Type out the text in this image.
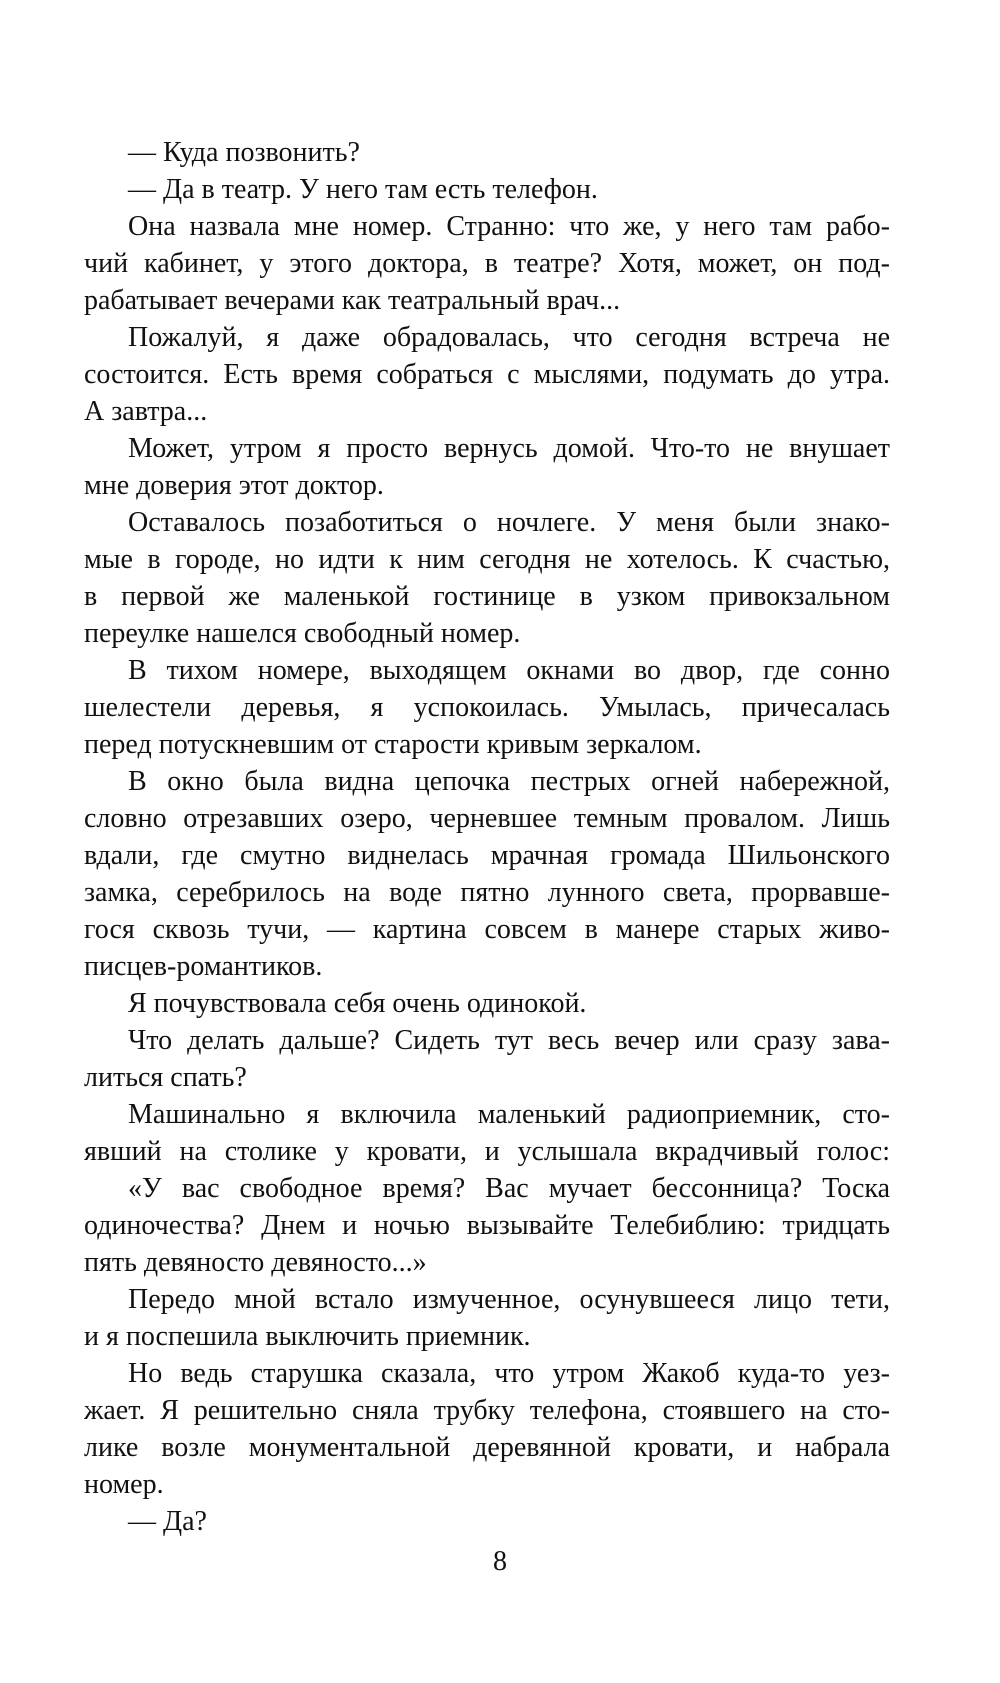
— Куда позвонить?
— Да в театр. У него там есть телефон.
Она назвала мне номер. Странно: что же, у него там рабо-
чий кабинет, у этого доктора, в театре? Хотя, может, он под-
рабатывает вечерами как театральный врач...
Пожалуй, я даже обрадовалась, что сегодня встреча не
состоится. Есть время собраться с мыслями, подумать до утра.
А завтра...
Может, утром я просто вернусь домой. Что-то не внушает
мне доверия этот доктор.
Оставалось позаботиться о ночлеге. У меня были знако-
мые в городе, но идти к ним сегодня не хотелось. К счастью,
в первой же маленькой гостинице в узком привокзальном
переулке нашелся свободный номер.
В тихом номере, выходящем окнами во двор, где сонно
шелестели деревья, я успокоилась. Умылась, причесалась
перед потускневшим от старости кривым зеркалом.
В окно была видна цепочка пестрых огней набережной,
словно отрезавших озеро, черневшее темным провалом. Лишь
вдали, где смутно виднелась мрачная громада Шильонского
замка, серебрилось на воде пятно лунного света, прорвавше-
гося сквозь тучи, — картина совсем в манере старых живо-
писцев-романтиков.
Я почувствовала себя очень одинокой.
Что делать дальше? Сидеть тут весь вечер или сразу зава-
литься спать?
Машинально я включила маленький радиоприемник, сто-
явший на столике у кровати, и услышала вкрадчивый голос:
«У вас свободное время? Вас мучает бессонница? Тоска
одиночества? Днем и ночью вызывайте Телебиблию: тридцать
пять девяносто девяносто...»
Передо мной встало измученное, осунувшееся лицо тети,
и я поспешила выключить приемник.
Но ведь старушка сказала, что утром Жакоб куда-то уез-
жает. Я решительно сняла трубку телефона, стоявшего на сто-
лике возле монументальной деревянной кровати, и набрала
номер.
— Да?
8
